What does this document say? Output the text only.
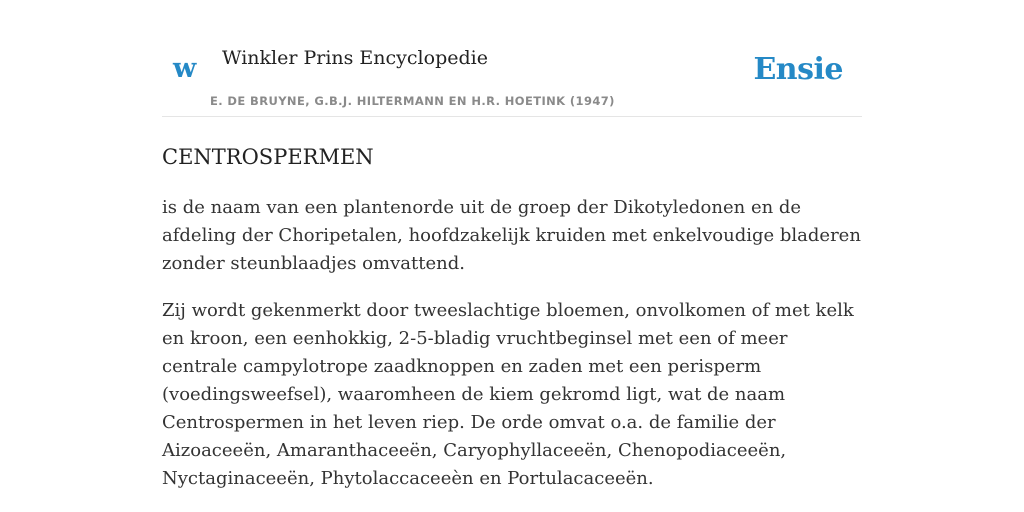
w Winkler Prins Encyclopedie
E. DE BRUYNE, G.B.J. HILTERMANN EN H.R. HOETINK (1947)
Ensie
CENTROSPERMEN

is de naam van een plantenorde uit de groep der Dikotyledonen en de afdeling der Choripetalen, hoofdzakelijk kruiden met enkelvoudige bladeren zonder steunblaadjes omvattend.

Zij wordt gekenmerkt door tweeslachtige bloemen, onvolkomen of met kelk en kroon, een eenhokkig, 2-5-bladig vruchtbeginsel met een of meer centrale campylotrope zaadknoppen en zaden met een perisperm (voedingsweefsel), waaromheen de kiem gekromd ligt, wat de naam Centrospermen in het leven riep. De orde omvat o.a. de familie der Aizoaceeën, Amaranthaceeën, Caryophyllaceeën, Chenopodiaceeën, Nyctaginaceeën, Phytolaccaceeèn en Portulacaceeën.
